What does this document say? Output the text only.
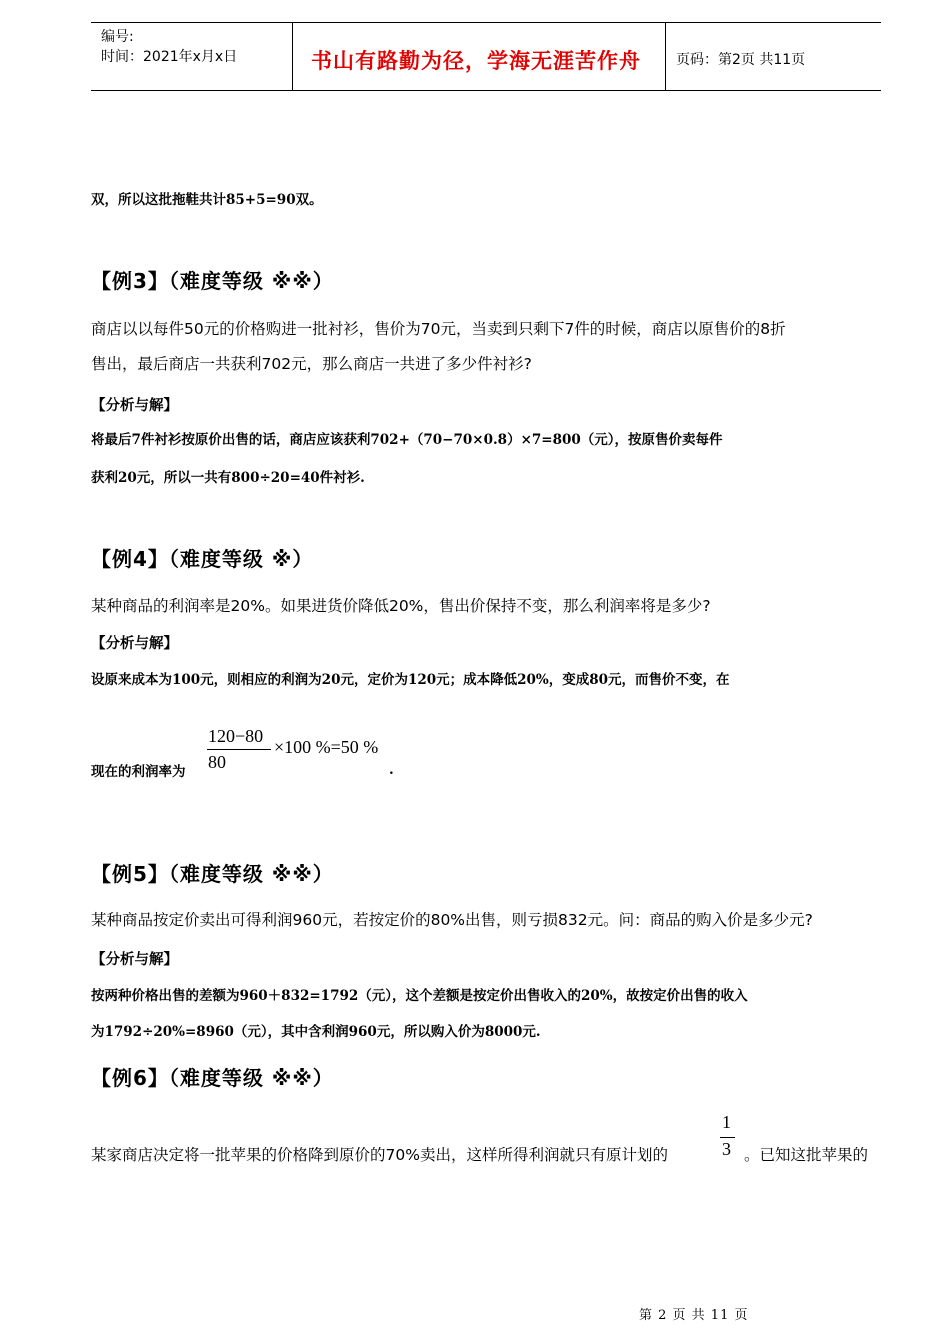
编号:
时间：2021年x月x日	书山有路勤为径，学海无涯苦作舟	页码：第2页 共11页
双，所以这批拖鞋共计85+5=90双。
【例3】（难度等级 ※※）
商店以以每件50元的价格购进一批衬衫，售价为70元，当卖到只剩下7件的时候，商店以原售价的8折
售出，最后商店一共获利702元，那么商店一共进了多少件衬衫?
【分析与解】
将最后7件衬衫按原价出售的话，商店应该获利702+（70−70×0.8）×7=800（元），按原售价卖每件
获利20元，所以一共有800÷20=40件衬衫.
【例4】（难度等级 ※）
某种商品的利润率是20%。如果进货价降低20%，售出价保持不变，那么利润率将是多少?
【分析与解】
设原来成本为100元，则相应的利润为20元，定价为120元；成本降低20%，变成80元，而售价不变，在
现在的利润率为
120−80
80
×100 %=50 %
.
【例5】（难度等级 ※※）
某种商品按定价卖出可得利润960元，若按定价的80%出售，则亏损832元。问：商品的购入价是多少元?
【分析与解】
按两种价格出售的差额为960＋832=1792（元），这个差额是按定价出售收入的20%，故按定价出售的收入
为1792÷20%=8960（元），其中含利润960元，所以购入价为8000元.
【例6】（难度等级 ※※）
某家商店决定将一批苹果的价格降到原价的70%卖出，这样所得利润就只有原计划的
1
3 。已知这批苹果的
第 2 页 共 11 页
